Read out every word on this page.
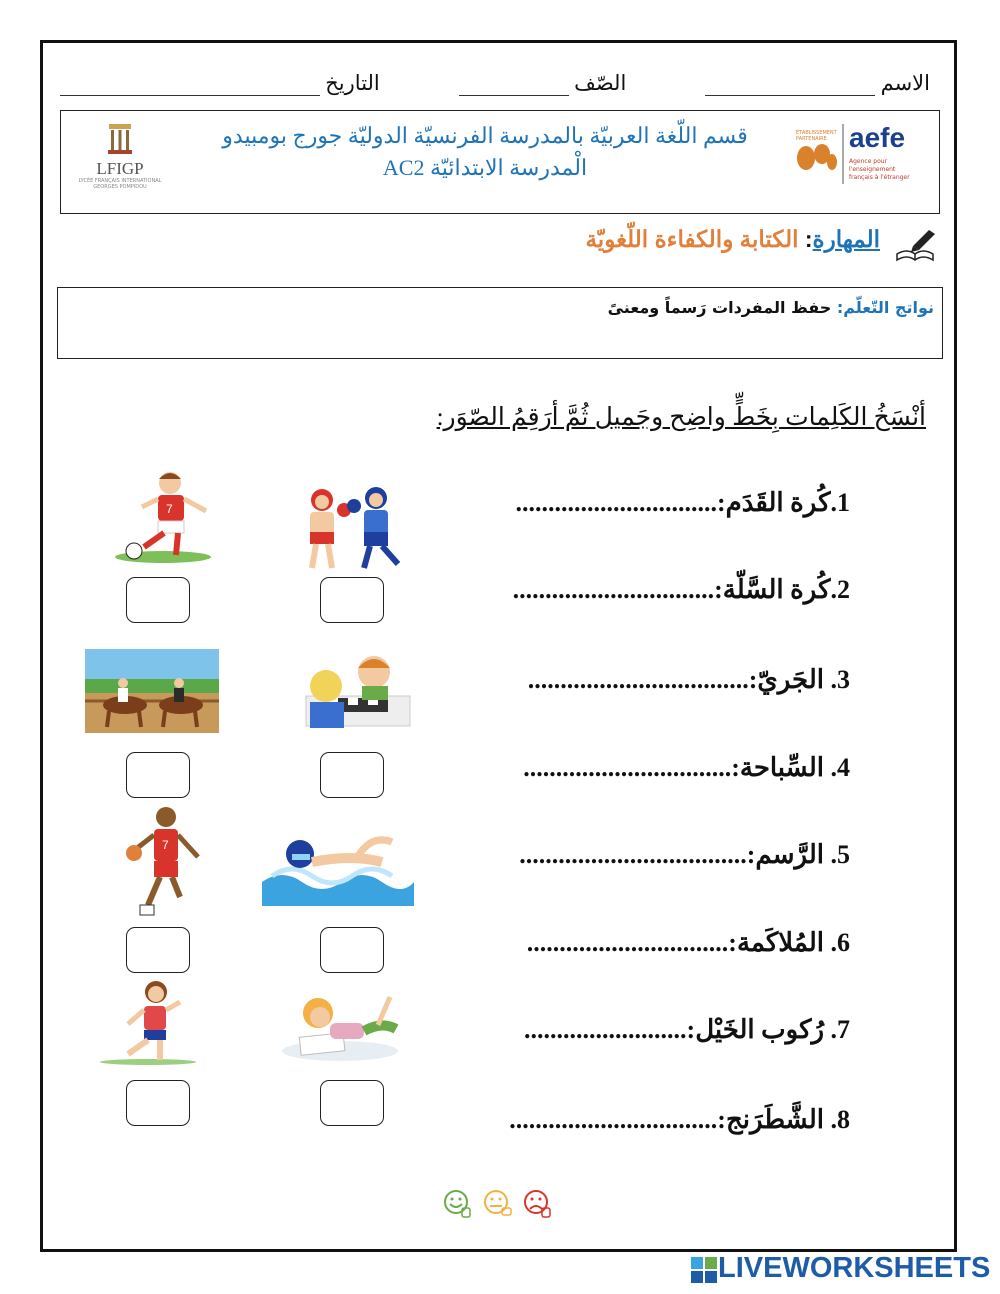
الاسم
الصّف
التاريخ
قسم اللّغة العربيّة بالمدرسة الفرنسيّة الدوليّة جورج بومبيدو
الْمدرسة الابتدائيّة AC2
LFIGP
LYCÉE FRANÇAIS INTERNATIONAL GEORGES POMPIDOU
ÉTABLISSEMENT PARTENAIRE aefe
Agence pour l'enseignement français à l'étranger
المهارة: الكتابة والكفاءة اللّغويّة
نواتج التّعلّم: حفظ المفردات رَسماً ومعنىً
أنْسَخُ الكَلِمات بِخَطٍّ واضِح وجَميل ثُمَّ أرَقِمُ الصّوَر:
1.كُرة القَدَم:...............................
2.كُرة السَّلّة:...............................
3. الجَريّ:..................................
4. السِّباحة:................................
5. الرَّسم:...................................
6. المُلاكَمة:...............................
7. رُكوب الخَيْل:.........................
8. الشَّطَرَنج:................................
7
7
LIVEWORKSHEETS
